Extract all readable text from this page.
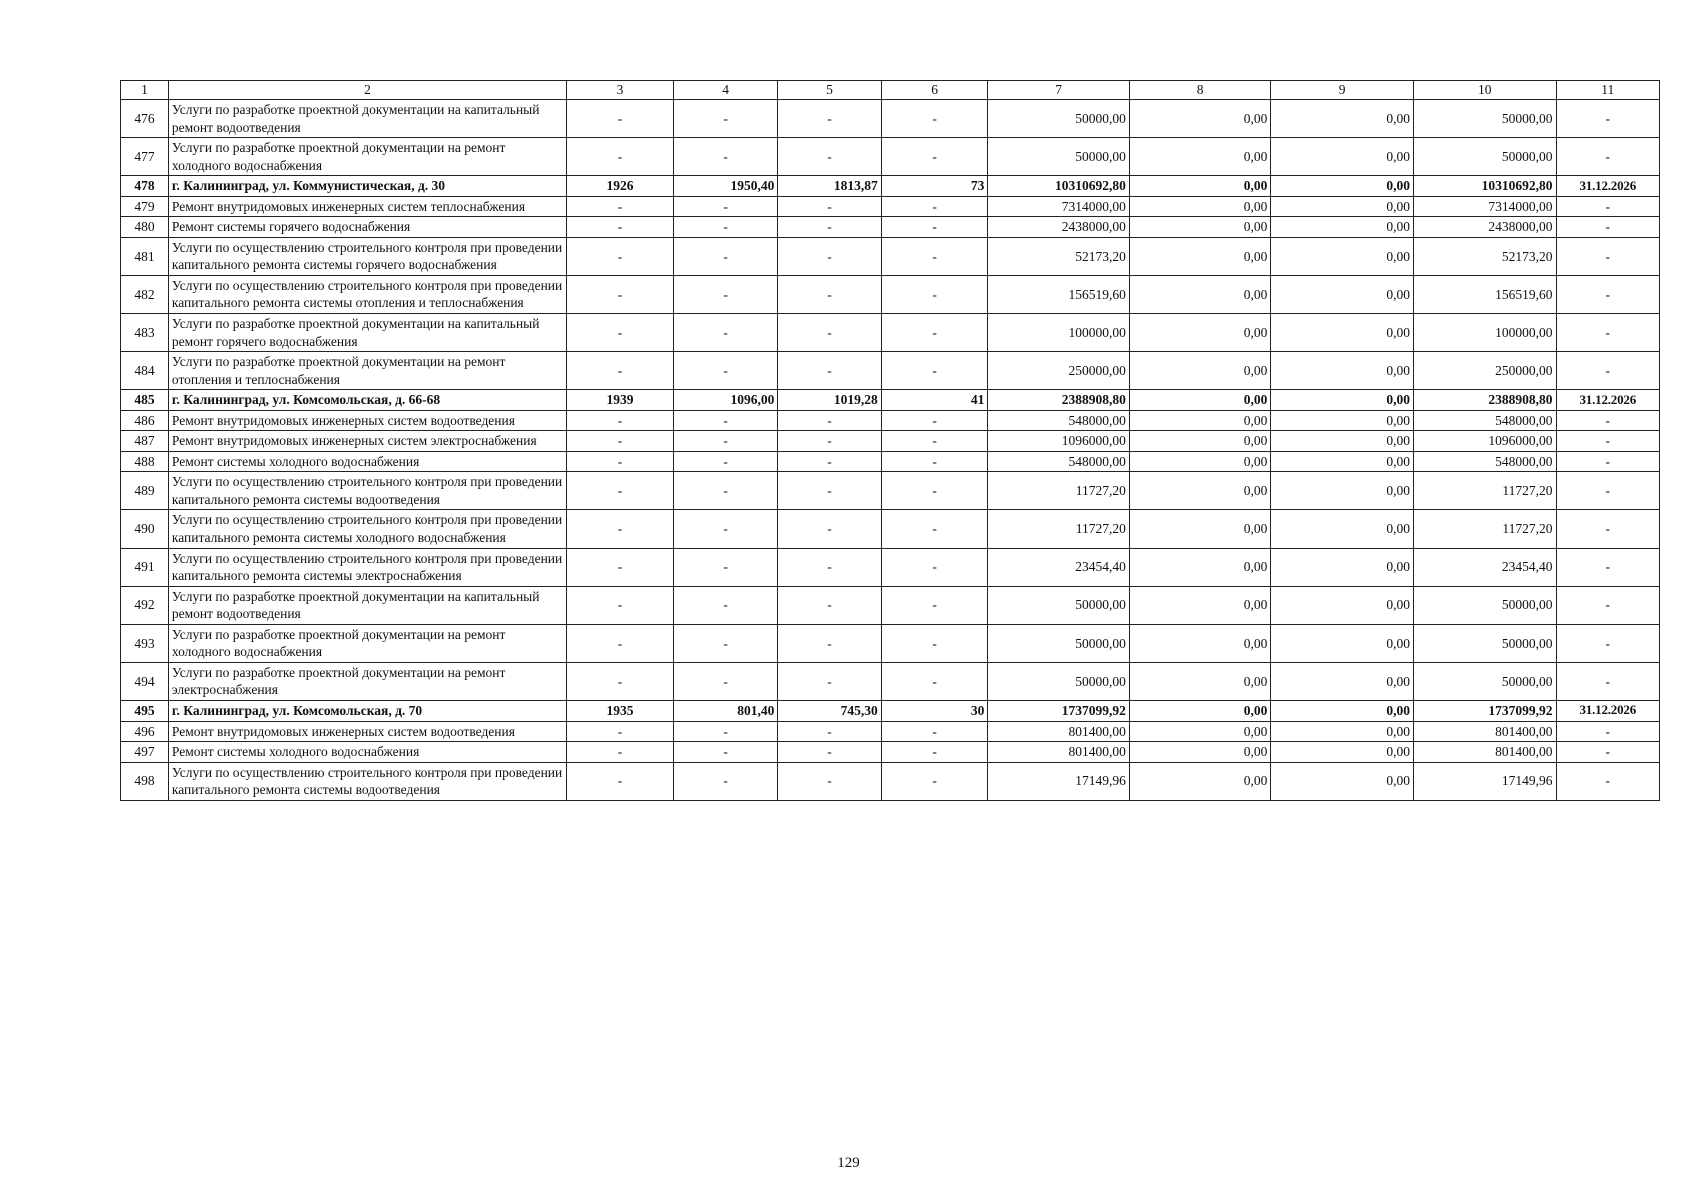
1	2	3	4	5	6	7	8	9	10	11
476	Услуги по разработке проектной документации на капитальный ремонт водоотведения	-	-	-	-	50000,00	0,00	0,00	50000,00	-
477	Услуги по разработке проектной документации на ремонт холодного водоснабжения	-	-	-	-	50000,00	0,00	0,00	50000,00	-
478	г. Калининград, ул. Коммунистическая, д. 30	1926	1950,40	1813,87	73	10310692,80	0,00	0,00	10310692,80	31.12.2026
479	Ремонт внутридомовых инженерных систем теплоснабжения	-	-	-	-	7314000,00	0,00	0,00	7314000,00	-
480	Ремонт системы горячего водоснабжения	-	-	-	-	2438000,00	0,00	0,00	2438000,00	-
481	Услуги по осуществлению строительного контроля при проведении капитального ремонта системы горячего водоснабжения	-	-	-	-	52173,20	0,00	0,00	52173,20	-
482	Услуги по осуществлению строительного контроля при проведении капитального ремонта системы отопления и теплоснабжения	-	-	-	-	156519,60	0,00	0,00	156519,60	-
483	Услуги по разработке проектной документации на капитальный ремонт горячего водоснабжения	-	-	-	-	100000,00	0,00	0,00	100000,00	-
484	Услуги по разработке проектной документации на ремонт отопления и теплоснабжения	-	-	-	-	250000,00	0,00	0,00	250000,00	-
485	г. Калининград, ул. Комсомольская, д. 66-68	1939	1096,00	1019,28	41	2388908,80	0,00	0,00	2388908,80	31.12.2026
486	Ремонт внутридомовых инженерных систем водоотведения	-	-	-	-	548000,00	0,00	0,00	548000,00	-
487	Ремонт внутридомовых инженерных систем электроснабжения	-	-	-	-	1096000,00	0,00	0,00	1096000,00	-
488	Ремонт системы холодного водоснабжения	-	-	-	-	548000,00	0,00	0,00	548000,00	-
489	Услуги по осуществлению строительного контроля при проведении капитального ремонта системы водоотведения	-	-	-	-	11727,20	0,00	0,00	11727,20	-
490	Услуги по осуществлению строительного контроля при проведении капитального ремонта системы холодного водоснабжения	-	-	-	-	11727,20	0,00	0,00	11727,20	-
491	Услуги по осуществлению строительного контроля при проведении капитального ремонта системы электроснабжения	-	-	-	-	23454,40	0,00	0,00	23454,40	-
492	Услуги по разработке проектной документации на капитальный ремонт водоотведения	-	-	-	-	50000,00	0,00	0,00	50000,00	-
493	Услуги по разработке проектной документации на ремонт холодного водоснабжения	-	-	-	-	50000,00	0,00	0,00	50000,00	-
494	Услуги по разработке проектной документации на ремонт электроснабжения	-	-	-	-	50000,00	0,00	0,00	50000,00	-
495	г. Калининград, ул. Комсомольская, д. 70	1935	801,40	745,30	30	1737099,92	0,00	0,00	1737099,92	31.12.2026
496	Ремонт внутридомовых инженерных систем водоотведения	-	-	-	-	801400,00	0,00	0,00	801400,00	-
497	Ремонт системы холодного водоснабжения	-	-	-	-	801400,00	0,00	0,00	801400,00	-
498	Услуги по осуществлению строительного контроля при проведении капитального ремонта системы водоотведения	-	-	-	-	17149,96	0,00	0,00	17149,96	-
129
